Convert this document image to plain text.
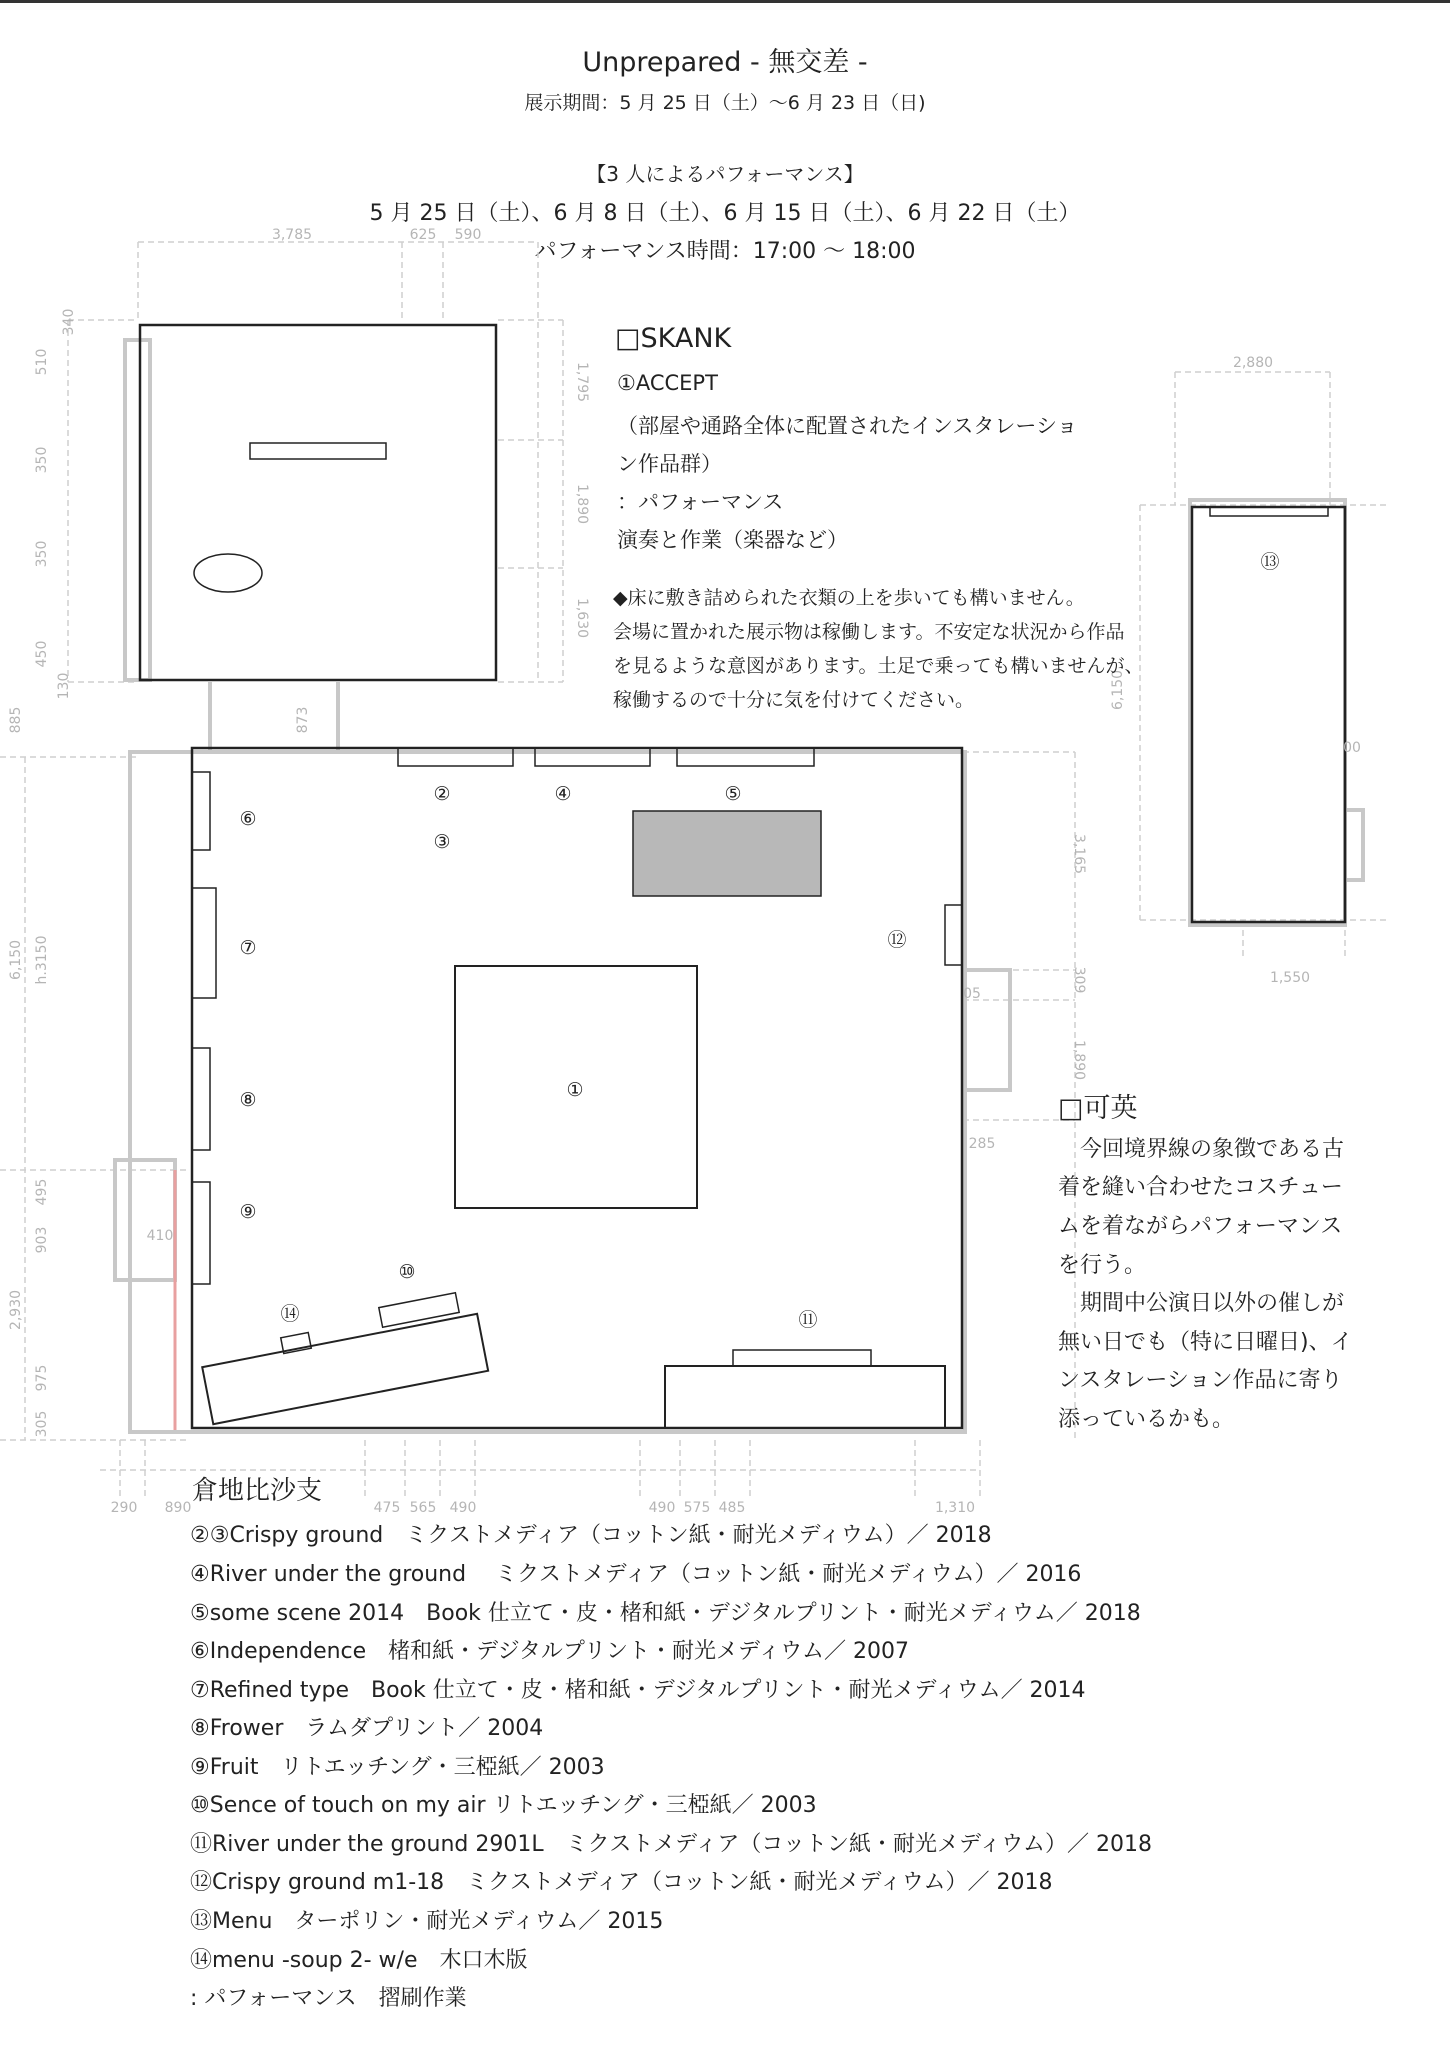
Unprepared - 無交差 -
展示期間：5 月 25 日（土）〜6 月 23 日（日)
【3 人によるパフォーマンス】
5 月 25 日（土）、6 月 8 日（土）、6 月 15 日（土）、6 月 22 日（土）
パフォーマンス時間：17:00 〜 18:00
①
②
③
④	⑤
⑥
⑦
⑧
⑨
⑩
⑪
⑫
⑬
⑭
3,785	625 590
340
510
350
350
450
130
1,795
1,890
1,630
873
885
6,150 h.3150
2,930
495
903	410
975
305
3,165
309
1,890
05
285
290 890	475 565 490	490 575 485	1,310
2,880
6,150
1,550
00
□SKANK
①ACCEPT
（部屋や通路全体に配置されたインスタレーショ
ン作品群）
：パフォーマンス
演奏と作業（楽器など）
◆床に敷き詰められた衣類の上を歩いても構いません。
会場に置かれた展示物は稼働します。不安定な状況から作品
を見るような意図があります。土足で乗っても構いませんが、
稼働するので十分に気を付けてください。
□可英
　今回境界線の象徴である古
着を縫い合わせたコスチュー
ムを着ながらパフォーマンス
を行う。
　期間中公演日以外の催しが
無い日でも（特に日曜日)、イ
ンスタレーション作品に寄り
添っているかも。
倉地比沙支
②③Crispy ground　ミクストメディア（コットン紙・耐光メディウム）／ 2018
④River under the ground　 ミクストメディア（コットン紙・耐光メディウム）／ 2016
⑤some scene 2014　Book 仕立て・皮・楮和紙・デジタルプリント・耐光メディウム／ 2018
⑥Independence　楮和紙・デジタルプリント・耐光メディウム／ 2007
⑦Refined type　Book 仕立て・皮・楮和紙・デジタルプリント・耐光メディウム／ 2014
⑧Frower　ラムダプリント／ 2004
⑨Fruit　リトエッチング・三椏紙／ 2003
⑩Sence of touch on my air リトエッチング・三椏紙／ 2003
⑪River under the ground 2901L　ミクストメディア（コットン紙・耐光メディウム）／ 2018
⑫Crispy ground m1-18　ミクストメディア（コットン紙・耐光メディウム）／ 2018
⑬Menu　ターポリン・耐光メディウム／ 2015
⑭menu -soup 2- w/e　木口木版
: パフォーマンス　摺刷作業
